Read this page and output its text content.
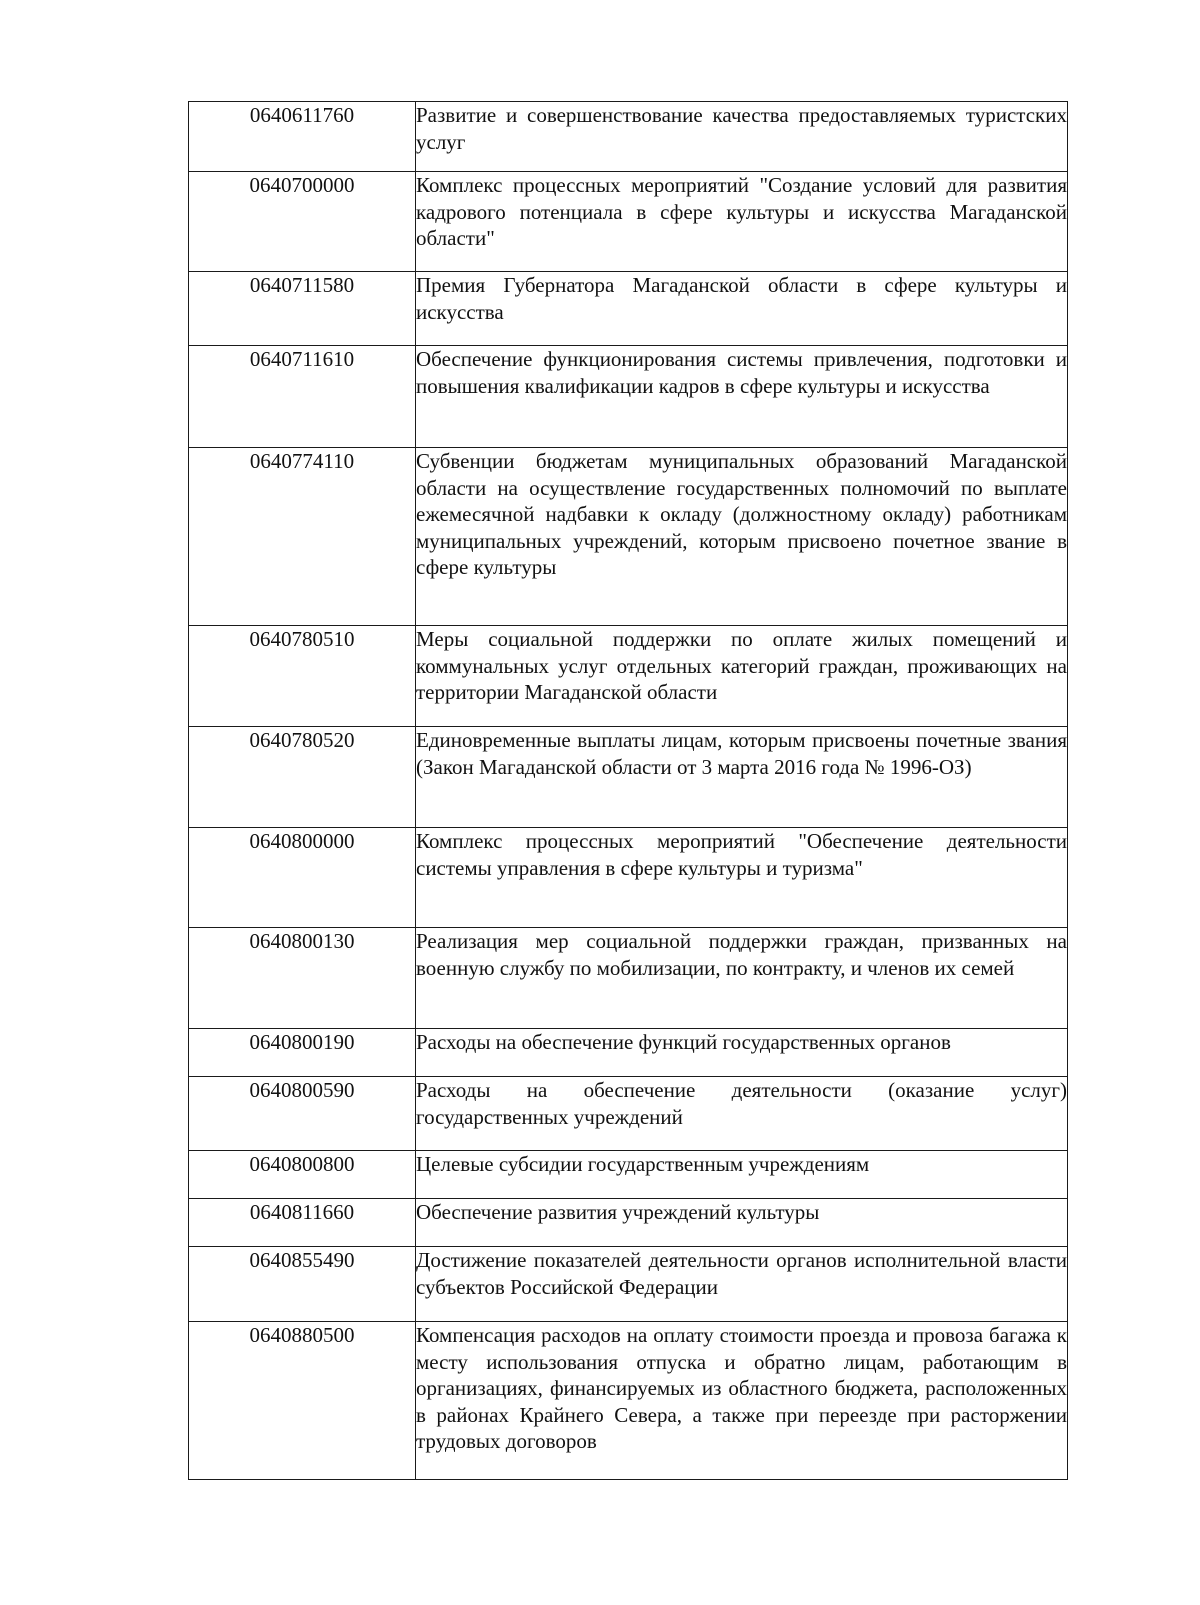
0640611760	Развитие и совершенствование качества предоставляемых туристских услуг
0640700000	Комплекс процессных мероприятий "Создание условий для развития кадрового потенциала в сфере культуры и искусства Магаданской области"
0640711580	Премия Губернатора Магаданской области в сфере культуры и искусства
0640711610	Обеспечение функционирования системы привлечения, подготовки и повышения квалификации кадров в сфере культуры и искусства
0640774110	Субвенции бюджетам муниципальных образований Магаданской области на осуществление государственных полномочий по выплате ежемесячной надбавки к окладу (должностному окладу) работникам муниципальных учреждений, которым присвоено почетное звание в сфере культуры
0640780510	Меры социальной поддержки по оплате жилых помещений и коммунальных услуг отдельных категорий граждан, проживающих на территории Магаданской области
0640780520	Единовременные выплаты лицам, которым присвоены почетные звания (Закон Магаданской области от 3 марта 2016 года № 1996-ОЗ)
0640800000	Комплекс процессных мероприятий "Обеспечение деятельности системы управления в сфере культуры и туризма"
0640800130	Реализация мер социальной поддержки граждан, призванных на военную службу по мобилизации, по контракту, и членов их семей
0640800190	Расходы на обеспечение функций государственных органов
0640800590	Расходы на обеспечение деятельности (оказание услуг) государственных учреждений
0640800800	Целевые субсидии государственным учреждениям
0640811660	Обеспечение развития учреждений культуры
0640855490	Достижение показателей деятельности органов исполнительной власти субъектов Российской Федерации
0640880500	Компенсация расходов на оплату стоимости проезда и провоза багажа к месту использования отпуска и обратно лицам, работающим в организациях, финансируемых из областного бюджета, расположенных в районах Крайнего Севера, а также при переезде при расторжении трудовых договоров
